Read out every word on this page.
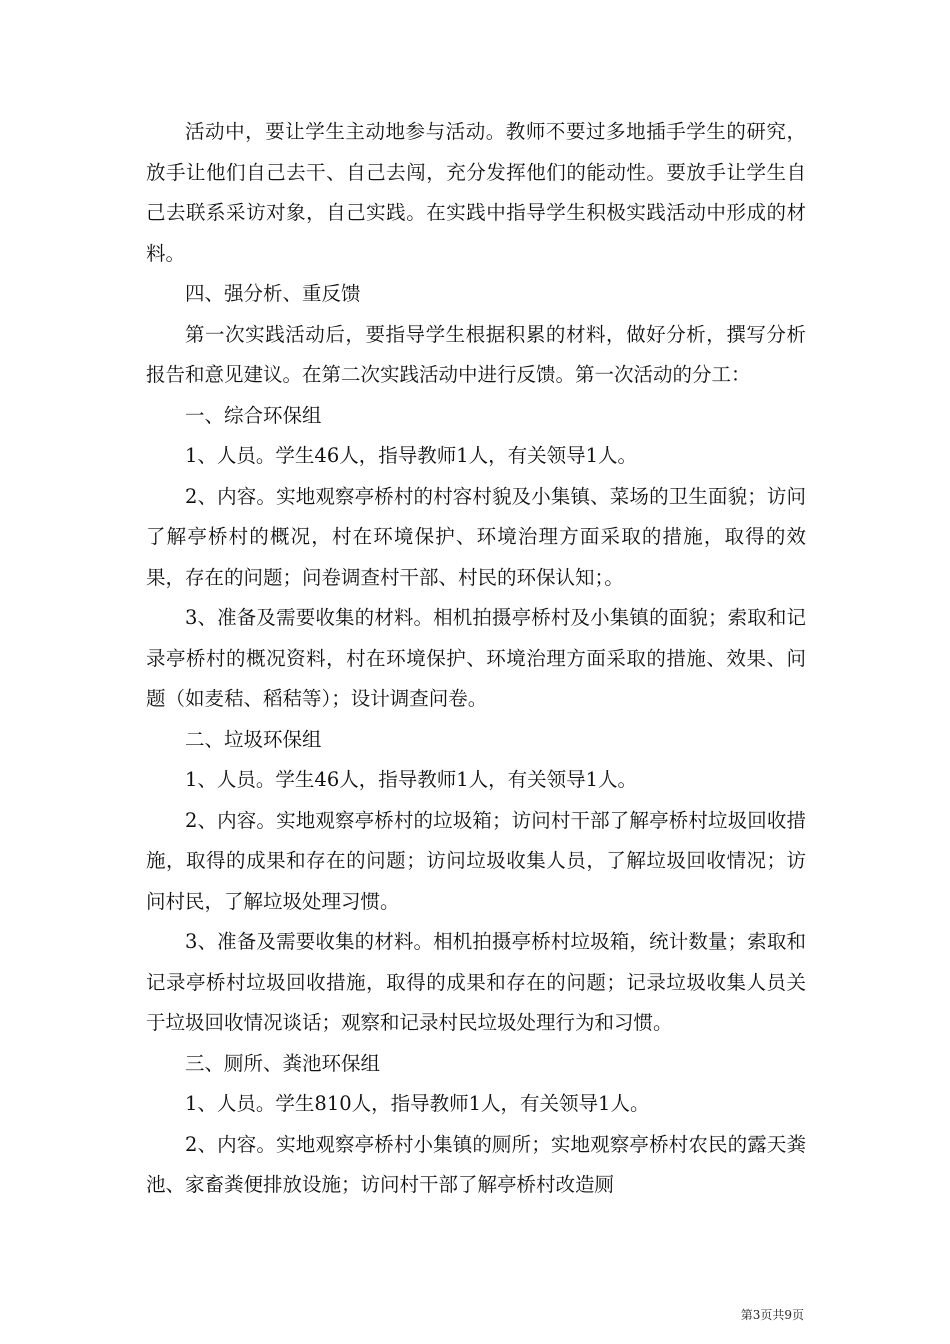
活动中，要让学生主动地参与活动。教师不要过多地插手学生的研究，放手让他们自己去干、自己去闯，充分发挥他们的能动性。要放手让学生自己去联系采访对象，自己实践。在实践中指导学生积极实践活动中形成的材料。

四、强分析、重反馈

第一次实践活动后，要指导学生根据积累的材料，做好分析，撰写分析报告和意见建议。在第二次实践活动中进行反馈。第一次活动的分工：

一、综合环保组

1、人员。学生46人，指导教师1人，有关领导1人。

2、内容。实地观察亭桥村的村容村貌及小集镇、菜场的卫生面貌；访问了解亭桥村的概况，村在环境保护、环境治理方面采取的措施，取得的效果，存在的问题；问卷调查村干部、村民的环保认知；。

3、准备及需要收集的材料。相机拍摄亭桥村及小集镇的面貌；索取和记录亭桥村的概况资料，村在环境保护、环境治理方面采取的措施、效果、问题（如麦秸、稻秸等）；设计调查问卷。

二、垃圾环保组

1、人员。学生46人，指导教师1人，有关领导1人。

2、内容。实地观察亭桥村的垃圾箱；访问村干部了解亭桥村垃圾回收措施，取得的成果和存在的问题；访问垃圾收集人员，了解垃圾回收情况；访问村民，了解垃圾处理习惯。

3、准备及需要收集的材料。相机拍摄亭桥村垃圾箱，统计数量；索取和记录亭桥村垃圾回收措施，取得的成果和存在的问题；记录垃圾收集人员关于垃圾回收情况谈话；观察和记录村民垃圾处理行为和习惯。

三、厕所、粪池环保组

1、人员。学生810人，指导教师1人，有关领导1人。

2、内容。实地观察亭桥村小集镇的厕所；实地观察亭桥村农民的露天粪池、家畜粪便排放设施；访问村干部了解亭桥村改造厕

第3页共9页
